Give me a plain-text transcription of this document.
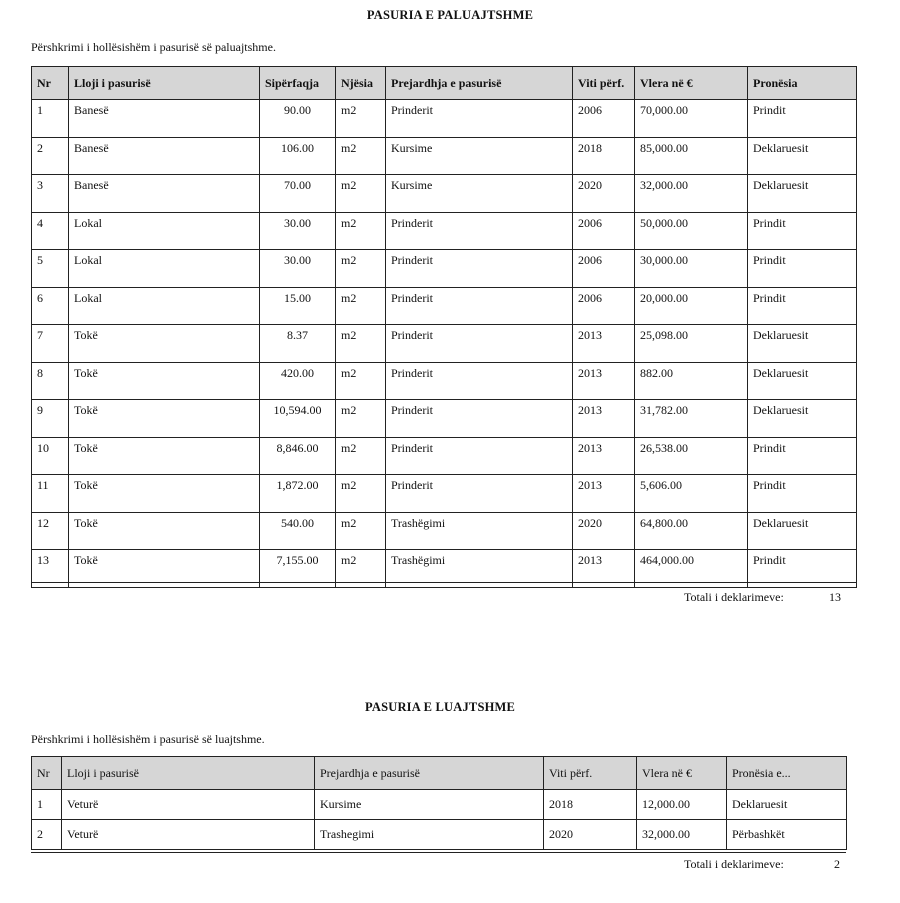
PASURIA E PALUAJTSHME
Përshkrimi i hollësishëm i pasurisë së paluajtshme.
Nr	Lloji i pasurisë	Sipërfaqja	Njësia	Prejardhja e pasurisë	Viti përf.	Vlera në €	Pronësia
1	Banesë	90.00	m2	Prinderit	2006	70,000.00	Prindit
2	Banesë	106.00	m2	Kursime	2018	85,000.00	Deklaruesit
3	Banesë	70.00	m2	Kursime	2020	32,000.00	Deklaruesit
4	Lokal	30.00	m2	Prinderit	2006	50,000.00	Prindit
5	Lokal	30.00	m2	Prinderit	2006	30,000.00	Prindit
6	Lokal	15.00	m2	Prinderit	2006	20,000.00	Prindit
7	Tokë	8.37	m2	Prinderit	2013	25,098.00	Deklaruesit
8	Tokë	420.00	m2	Prinderit	2013	882.00	Deklaruesit
9	Tokë	10,594.00	m2	Prinderit	2013	31,782.00	Deklaruesit
10	Tokë	8,846.00	m2	Prinderit	2013	26,538.00	Prindit
11	Tokë	1,872.00	m2	Prinderit	2013	5,606.00	Prindit
12	Tokë	540.00	m2	Trashëgimi	2020	64,800.00	Deklaruesit
13	Tokë	7,155.00	m2	Trashëgimi	2013	464,000.00	Prindit
Totali i deklarimeve:	13
PASURIA E LUAJTSHME
Përshkrimi i hollësishëm i pasurisë së luajtshme.
Nr	Lloji i pasurisë	Prejardhja e pasurisë	Viti përf.	Vlera në €	Pronësia e...
1	Veturë	Kursime	2018	12,000.00	Deklaruesit
2	Veturë	Trashegimi	2020	32,000.00	Përbashkët
Totali i deklarimeve:	2
